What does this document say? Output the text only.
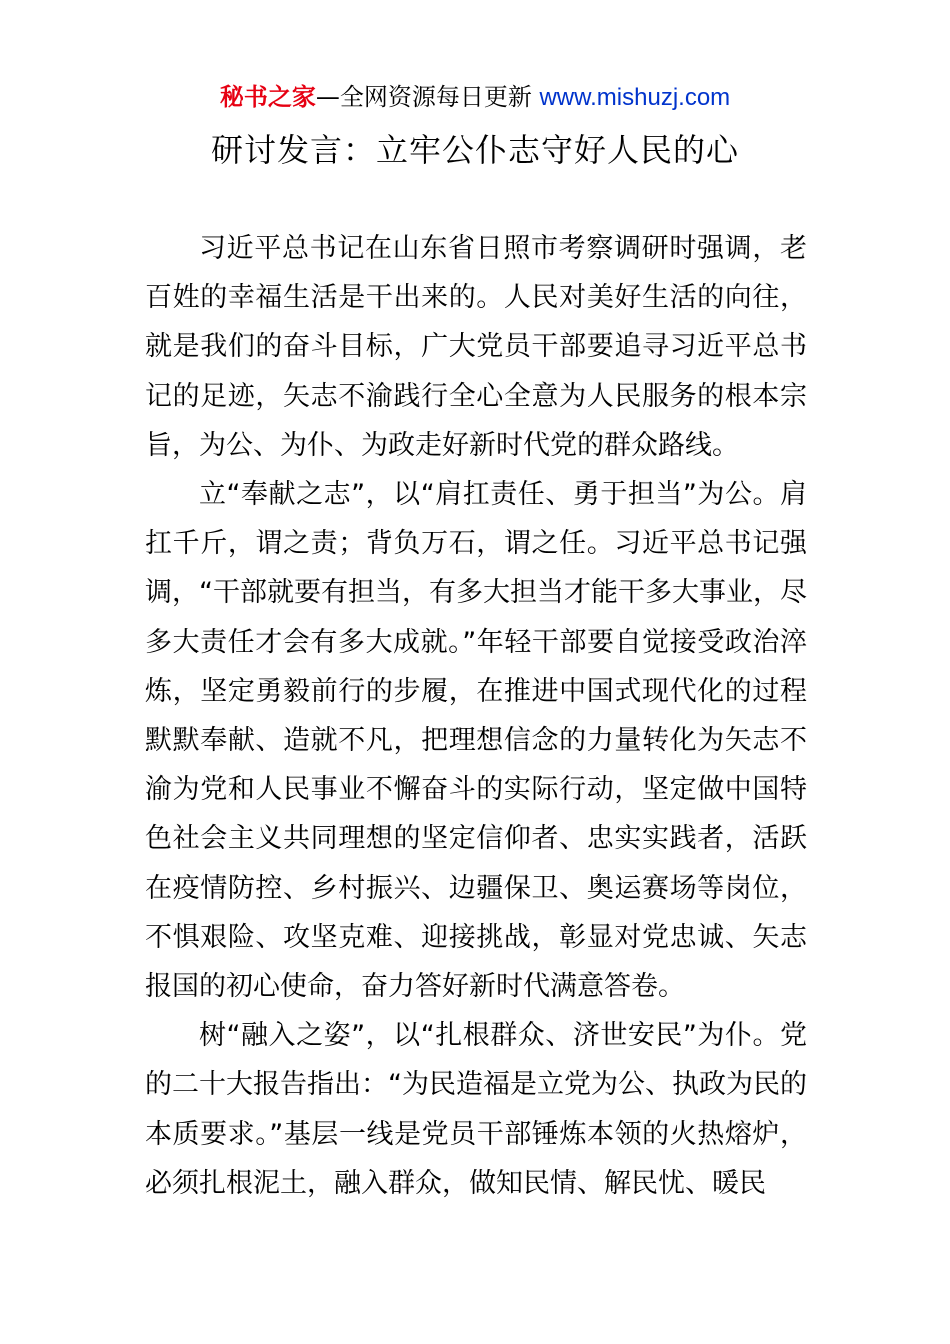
秘书之家—全网资源每日更新 www.mishuzj.com
研讨发言：立牢公仆志守好人民的心

习近平总书记在山东省日照市考察调研时强调，老百姓的幸福生活是干出来的。人民对美好生活的向往，就是我们的奋斗目标，广大党员干部要追寻习近平总书记的足迹，矢志不渝践行全心全意为人民服务的根本宗旨，为公、为仆、为政走好新时代党的群众路线。

立“奉献之志”，以“肩扛责任、勇于担当”为公。肩扛千斤，谓之责；背负万石，谓之任。习近平总书记强调，“干部就要有担当，有多大担当才能干多大事业，尽多大责任才会有多大成就。”年轻干部要自觉接受政治淬炼，坚定勇毅前行的步履，在推进中国式现代化的过程默默奉献、造就不凡，把理想信念的力量转化为矢志不渝为党和人民事业不懈奋斗的实际行动，坚定做中国特色社会主义共同理想的坚定信仰者、忠实实践者，活跃在疫情防控、乡村振兴、边疆保卫、奥运赛场等岗位，不惧艰险、攻坚克难、迎接挑战，彰显对党忠诚、矢志报国的初心使命，奋力答好新时代满意答卷。

树“融入之姿”，以“扎根群众、济世安民”为仆。党的二十大报告指出：“为民造福是立党为公、执政为民的本质要求。”基层一线是党员干部锤炼本领的火热熔炉，必须扎根泥土，融入群众，做知民情、解民忧、暖民
